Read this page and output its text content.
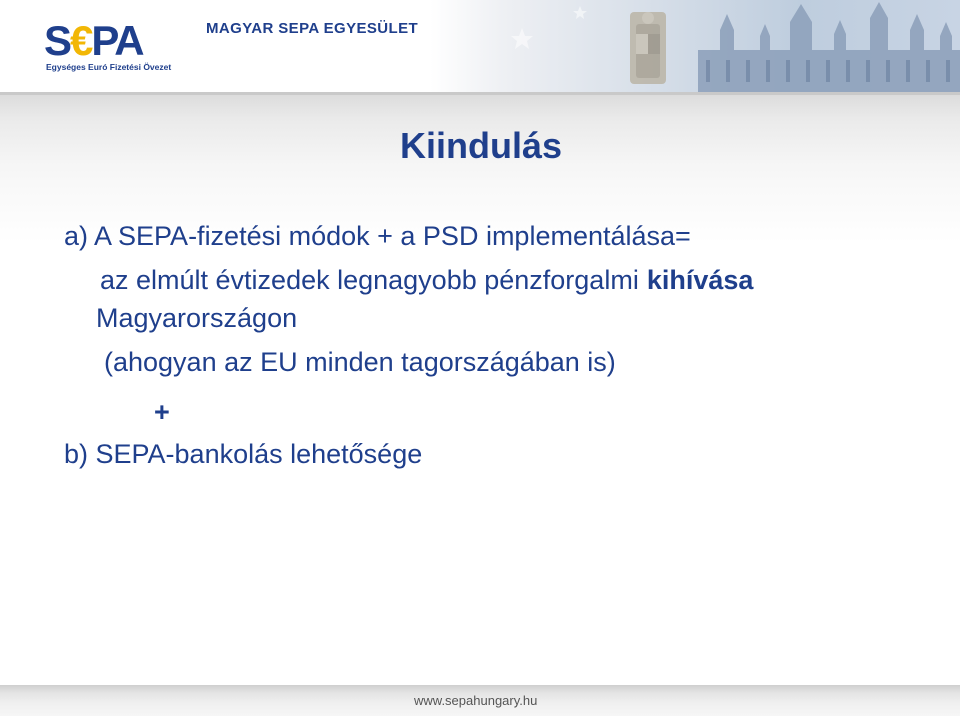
S€PA
Egységes Euró Fizetési Övezet
MAGYAR SEPA EGYESÜLET
Kiindulás
a) A SEPA-fizetési módok + a PSD implementálása=
az elmúlt évtizedek legnagyobb pénzforgalmi kihívása
Magyarországon
(ahogyan az EU minden tagországában is)
+
b) SEPA-bankolás lehetősége
www.sepahungary.hu
